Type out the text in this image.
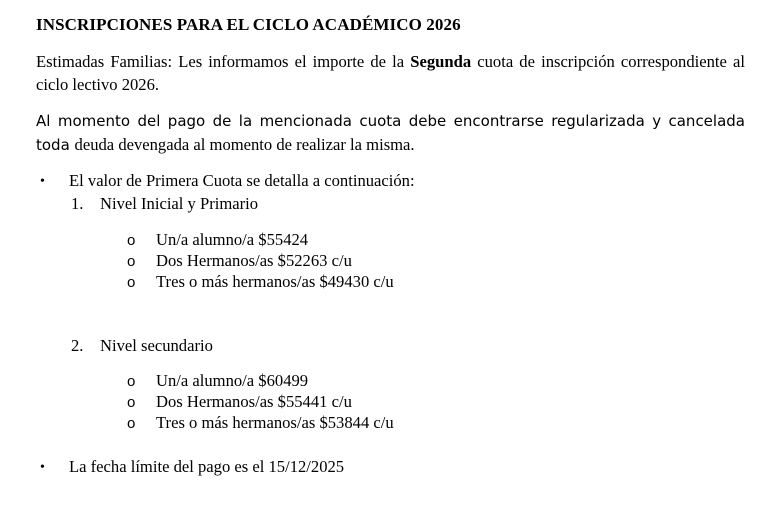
INSCRIPCIONES PARA EL CICLO ACADÉMICO 2026
Estimadas Familias: Les informamos el importe de la Segunda cuota de inscripción correspondiente al ciclo lectivo 2026.
Al momento del pago de la mencionada cuota debe encontrarse regularizada y cancelada toda deuda devengada al momento de realizar la misma.
• El valor de Primera Cuota se detalla a continuación:
1. Nivel Inicial y Primario
o Un/a alumno/a $55424
o Dos Hermanos/as $52263 c/u
o Tres o más hermanos/as $49430 c/u
2. Nivel secundario
o Un/a alumno/a $60499
o Dos Hermanos/as $55441 c/u
o Tres o más hermanos/as $53844 c/u
• La fecha límite del pago es el 15/12/2025
